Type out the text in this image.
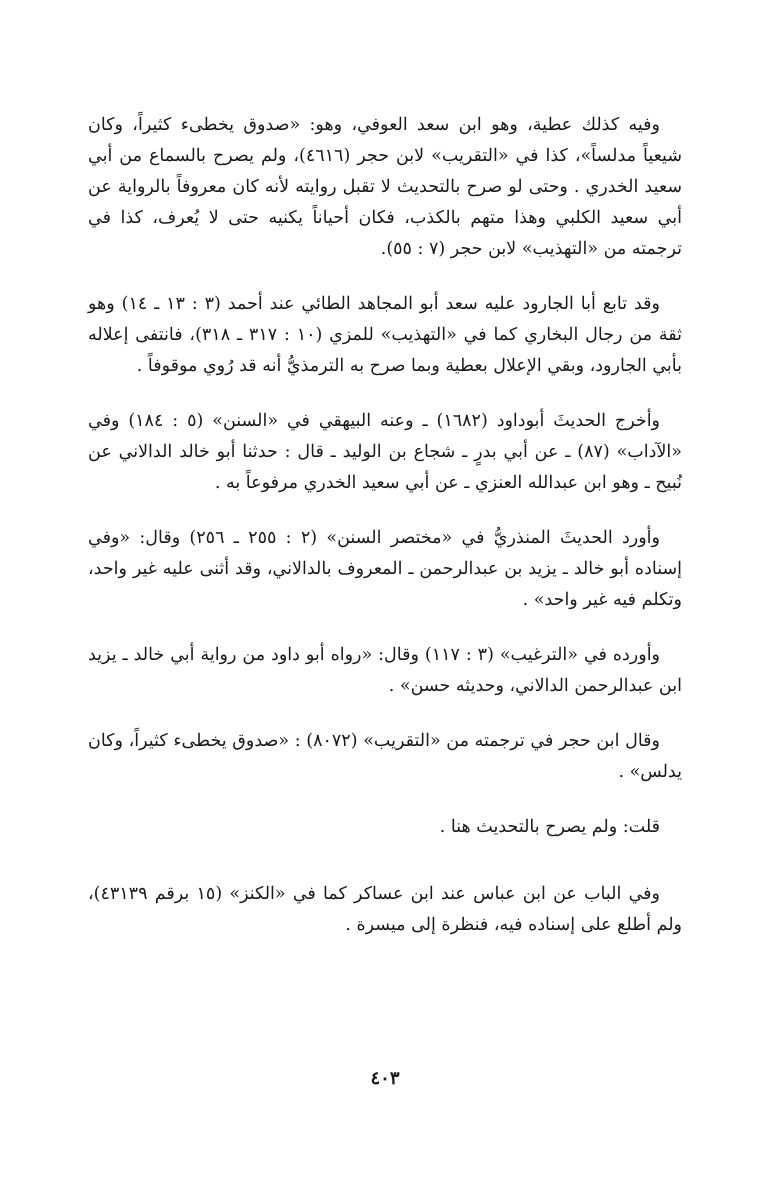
وفيه كذلك عطية، وهو ابن سعد العوفي، وهو: «صدوق يخطىء كثيراً، وكان شيعياً مدلساً»، كذا في «التقريب» لابن حجر (٤٦١٦)، ولم يصرح بالسماع من أبي سعيد الخدري . وحتى لو صرح بالتحديث لا تقبل روايته لأنه كان معروفاً بالرواية عن أبي سعيد الكلبي وهذا متهم بالكذب، فكان أحياناً يكنيه حتى لا يُعرف، كذا في ترجمته من «التهذيب» لابن حجر (٧ : ٥٥).

وقد تابع أبا الجارود عليه سعد أبو المجاهد الطائي عند أحمد (٣ : ١٣ ـ ١٤) وهو ثقة من رجال البخاري كما في «التهذيب» للمزي (١٠ : ٣١٧ ـ ٣١٨)، فانتفى إعلاله بأبي الجارود، وبقي الإعلال بعطية وبما صرح به الترمذيُّ أنه قد رُوي موقوفاً .

وأخرج الحديثَ أبوداود (١٦٨٢) ـ وعنه البيهقي في «السنن» (٥ : ١٨٤) وفي «الآداب» (٨٧) ـ عن أبي بدرٍ ـ شجاع بن الوليد ـ قال : حدثنا أبو خالد الدالاني عن نُبيح ـ وهو ابن عبدالله العنزي ـ عن أبي سعيد الخدري مرفوعاً به .

وأورد الحديثَ المنذريُّ في «مختصر السنن» (٢ : ٢٥٥ ـ ٢٥٦) وقال: «وفي إسناده أبو خالد ـ يزيد بن عبدالرحمن ـ المعروف بالدالاني، وقد أثنى عليه غير واحد، وتكلم فيه غير واحد» .

وأورده في «الترغيب» (٣ : ١١٧) وقال: «رواه أبو داود من رواية أبي خالد ـ يزيد ابن عبدالرحمن الدالاني، وحديثه حسن» .

وقال ابن حجر في ترجمته من «التقريب» (٨٠٧٢) : «صدوق يخطىء كثيراً، وكان يدلس» .

قلت: ولم يصرح بالتحديث هنا .

وفي الباب عن ابن عباس عند ابن عساكر كما في «الكنز» (١٥ برقم ٤٣١٣٩)، ولم أطلع على إسناده فيه، فنظرة إلى ميسرة .

٤٠٣
